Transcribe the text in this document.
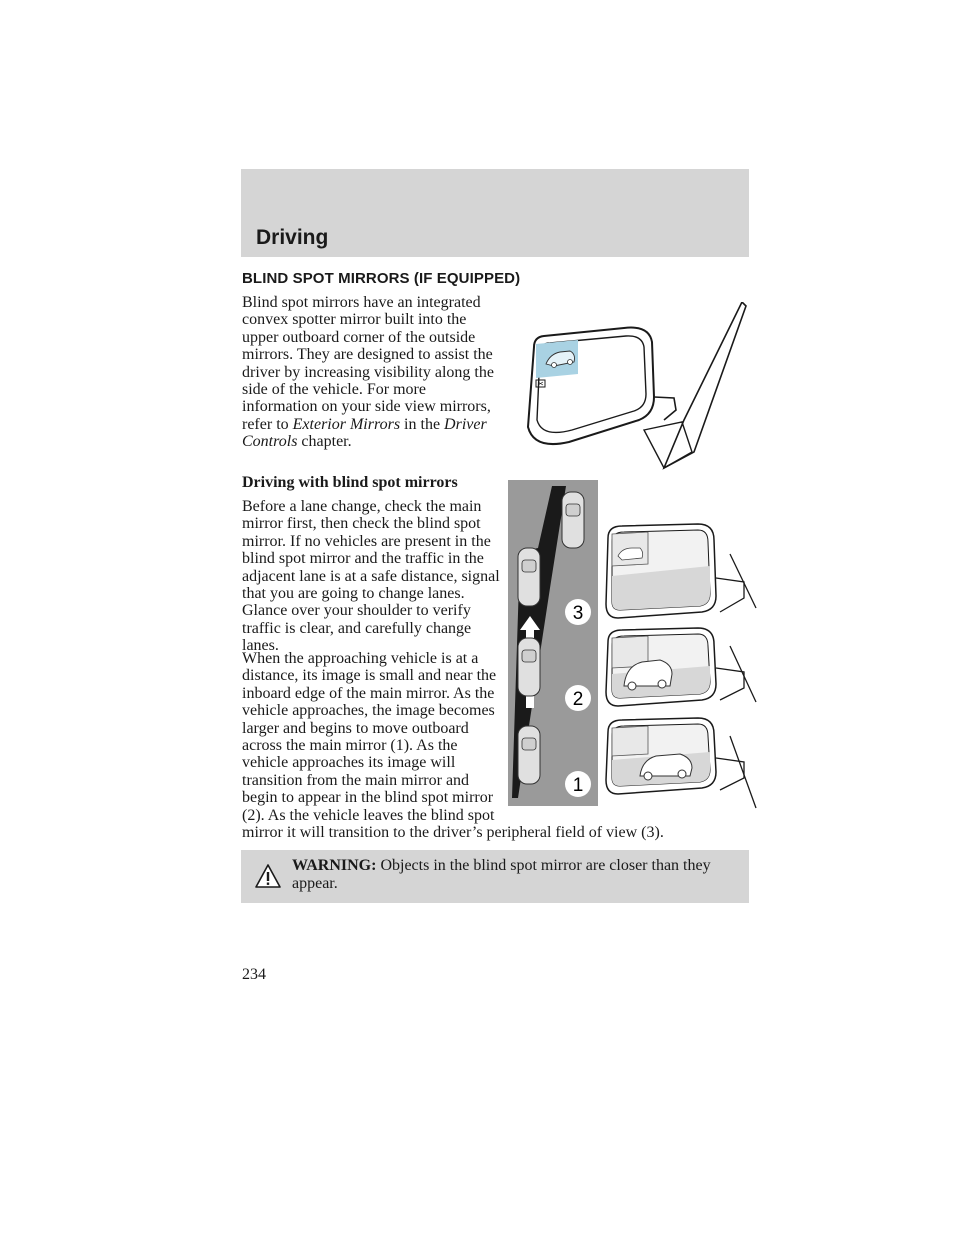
Driving
BLIND SPOT MIRRORS (IF EQUIPPED)
Blind spot mirrors have an integrated convex spotter mirror built into the upper outboard corner of the outside mirrors. They are designed to assist the driver by increasing visibility along the side of the vehicle. For more information on your side view mirrors, refer to Exterior Mirrors in the Driver Controls chapter.
Driving with blind spot mirrors
Before a lane change, check the main mirror first, then check the blind spot mirror. If no vehicles are present in the blind spot mirror and the traffic in the adjacent lane is at a safe distance, signal that you are going to change lanes. Glance over your shoulder to verify traffic is clear, and carefully change lanes.
When the approaching vehicle is at a distance, its image is small and near the inboard edge of the main mirror. As the vehicle approaches, the image becomes larger and begins to move outboard across the main mirror (1). As the vehicle approaches its image will transition from the main mirror and begin to appear in the blind spot mirror (2). As the vehicle leaves the blind spot
mirror it will transition to the driver’s peripheral field of view (3).
3
2
1
WARNING: Objects in the blind spot mirror are closer than they appear.
234
